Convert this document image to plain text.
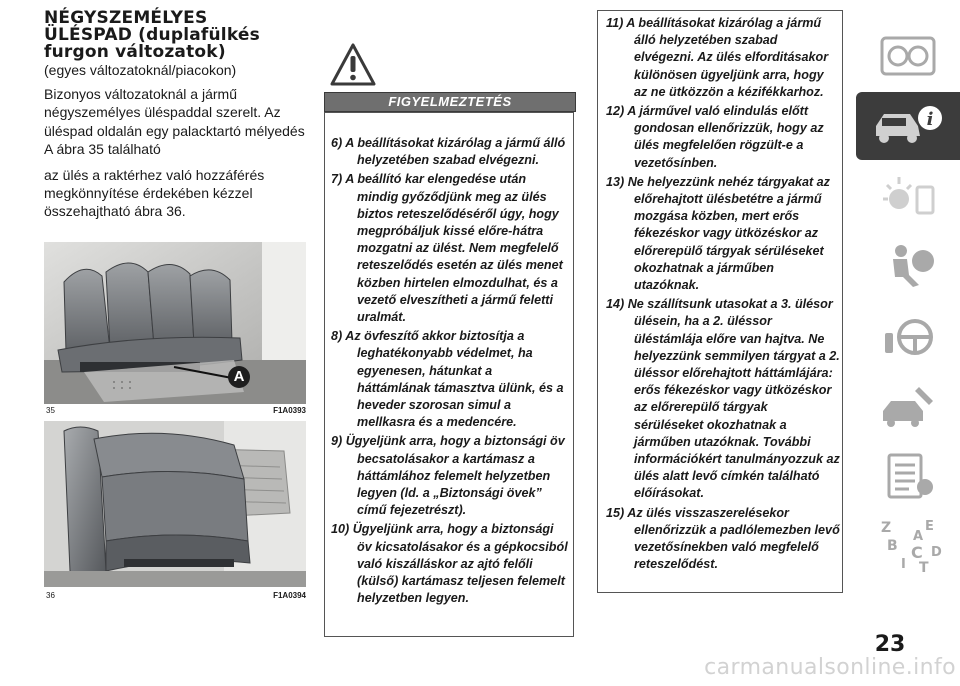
NÉGYSZEMÉLYES
ÜLÉSPAD (duplafülkés
furgon változatok)

(egyes változatoknál/piacokon)

Bizonyos változatoknál a jármű négyszemélyes üléspaddal szerelt. Az üléspad oldalán egy palacktartó mélyedés A ábra 35 található

az ülés a raktérhez való hozzáférés megkönnyítése érdekében kézzel összehajtható ábra 36.

A
35	F1A0393
36	F1A0394
FIGYELMEZTETÉS

6) A beállításokat kizárólag a jármű álló helyzetében szabad elvégezni.

7) A beállító kar elengedése után mindig győződjünk meg az ülés biztos reteszelődéséről úgy, hogy megpróbáljuk kissé előre-hátra mozgatni az ülést. Nem megfelelő reteszelődés esetén az ülés menet közben hirtelen elmozdulhat, és a vezető elveszítheti a jármű feletti uralmát.

8) Az övfeszítő akkor biztosítja a leghatékonyabb védelmet, ha egyenesen, hátunkat a háttámlának támasztva ülünk, és a heveder szorosan simul a mellkasra és a medencére.

9) Ügyeljünk arra, hogy a biztonsági öv becsatolásakor a kartámasz a háttámlához felemelt helyzetben legyen (ld. a „Biztonsági övek” című fejezetrészt).

10) Ügyeljünk arra, hogy a biztonsági öv kicsatolásakor és a gépkocsiból való kiszálláskor az ajtó felőli (külső) kartámasz teljesen felemelt helyzetben legyen.

11) A beállításokat kizárólag a jármű álló helyzetében szabad elvégezni. Az ülés elforditásakor különösen ügyeljünk arra, hogy az ne ütközzön a kézifékkarhoz.

12) A járművel való elindulás előtt gondosan ellenőrizzük, hogy az ülés megfelelően rögzült-e a vezetősínben.

13) Ne helyezzünk nehéz tárgyakat az előrehajtott ülésbetétre a jármű mozgása közben, mert erős fékezéskor vagy ütközéskor az előrerepülő tárgyak sérüléseket okozhatnak a járműben utazóknak.

14) Ne szállítsunk utasokat a 3. ülésor ülésein, ha a 2. üléssor üléstámlája előre van hajtva. Ne helyezzünk semmilyen tárgyat a 2. üléssor előrehajtott háttámlájára: erős fékezéskor vagy ütközéskor az előrerepülő tárgyak sérüléseket okozhatnak a járműben utazóknak. További információkért tanulmányozzuk az ülés alatt levő címkén található előírásokat.

15) Az ülés visszaszerelésekor ellenőrizzük a padlólemezben levő vezetősínekben való megfelelő reteszelődést.

i
Z	E
B C D
I T
A
23
carmanualsonline.info
